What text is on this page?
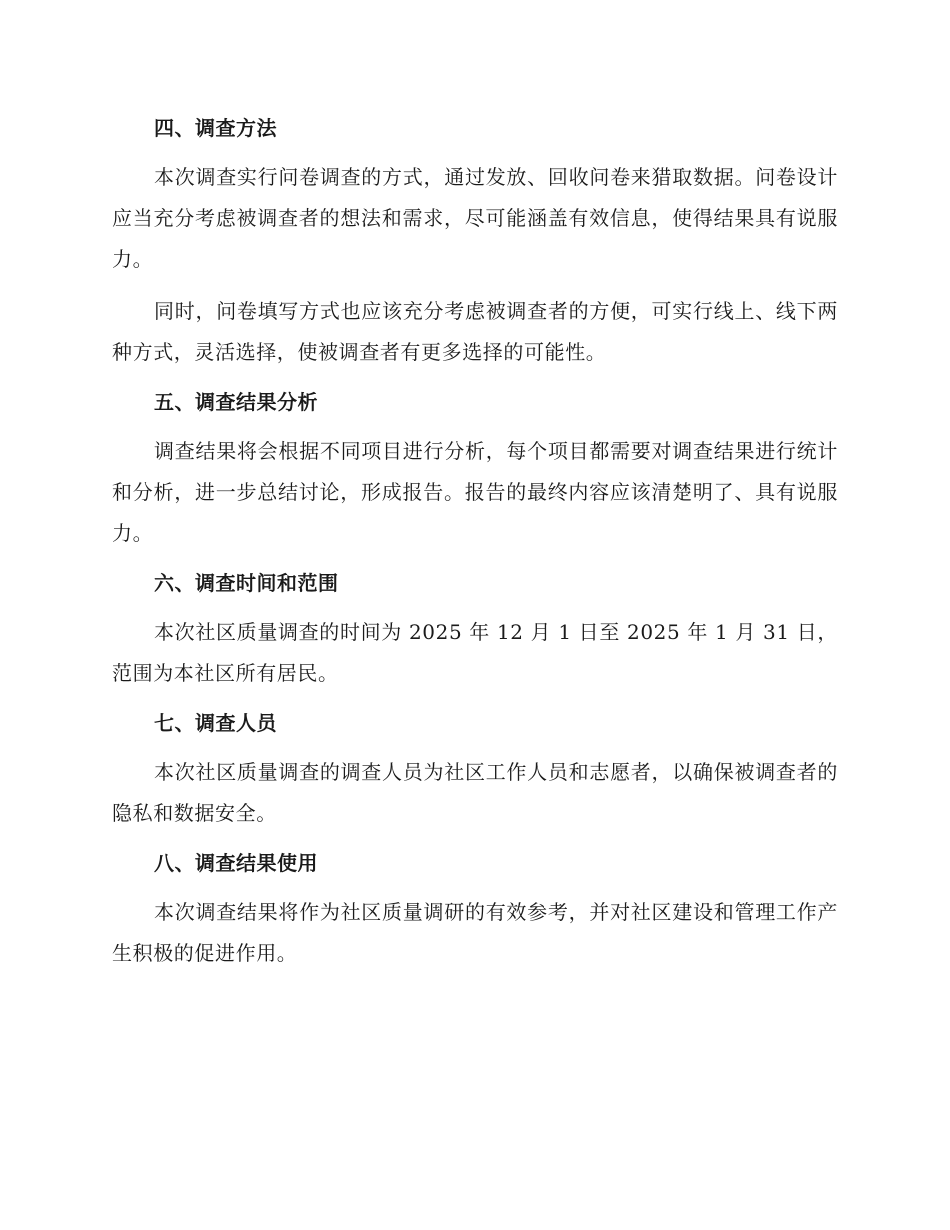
四、调查方法

本次调查实行问卷调查的方式，通过发放、回收问卷来猎取数据。问卷设计应当充分考虑被调查者的想法和需求，尽可能涵盖有效信息，使得结果具有说服力。

同时，问卷填写方式也应该充分考虑被调查者的方便，可实行线上、线下两种方式，灵活选择，使被调查者有更多选择的可能性。

五、调查结果分析

调查结果将会根据不同项目进行分析，每个项目都需要对调查结果进行统计和分析，进一步总结讨论，形成报告。报告的最终内容应该清楚明了、具有说服力。

六、调查时间和范围

本次社区质量调查的时间为 2025 年 12 月 1 日至 2025 年 1 月 31 日，范围为本社区所有居民。

七、调查人员

本次社区质量调查的调查人员为社区工作人员和志愿者，以确保被调查者的隐私和数据安全。

八、调查结果使用

本次调查结果将作为社区质量调研的有效参考，并对社区建设和管理工作产生积极的促进作用。
